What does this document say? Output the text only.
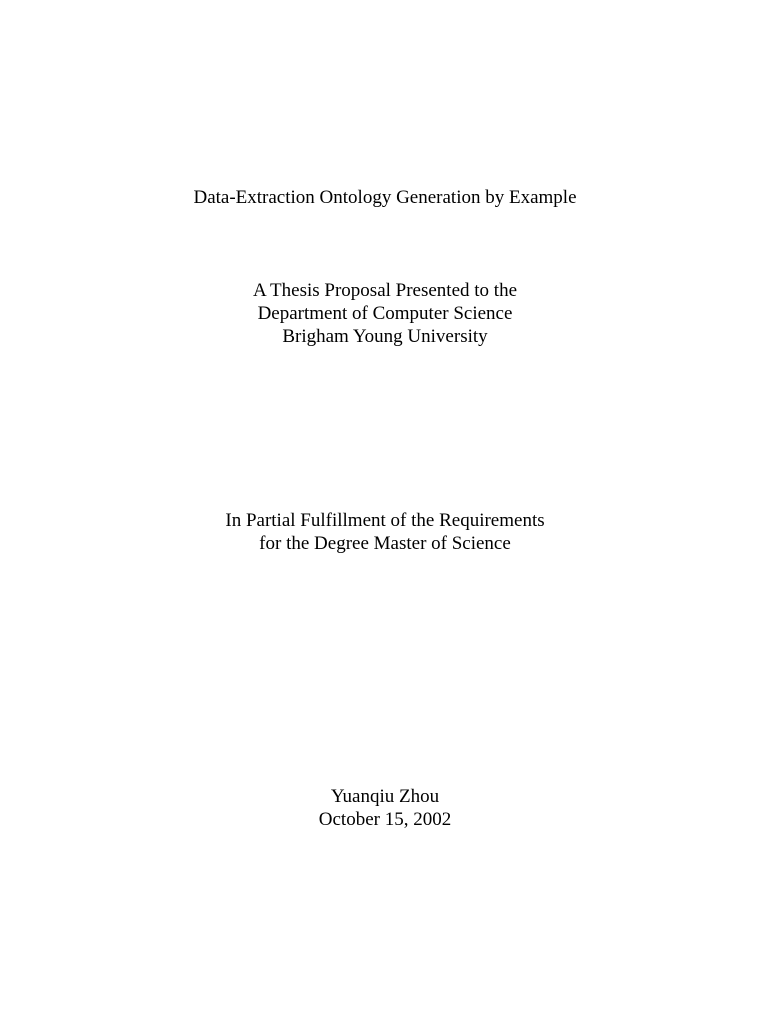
Data-Extraction Ontology Generation by Example
A Thesis Proposal Presented to the
Department of Computer Science
Brigham Young University
In Partial Fulfillment of the Requirements
for the Degree Master of Science
Yuanqiu Zhou
October 15, 2002
